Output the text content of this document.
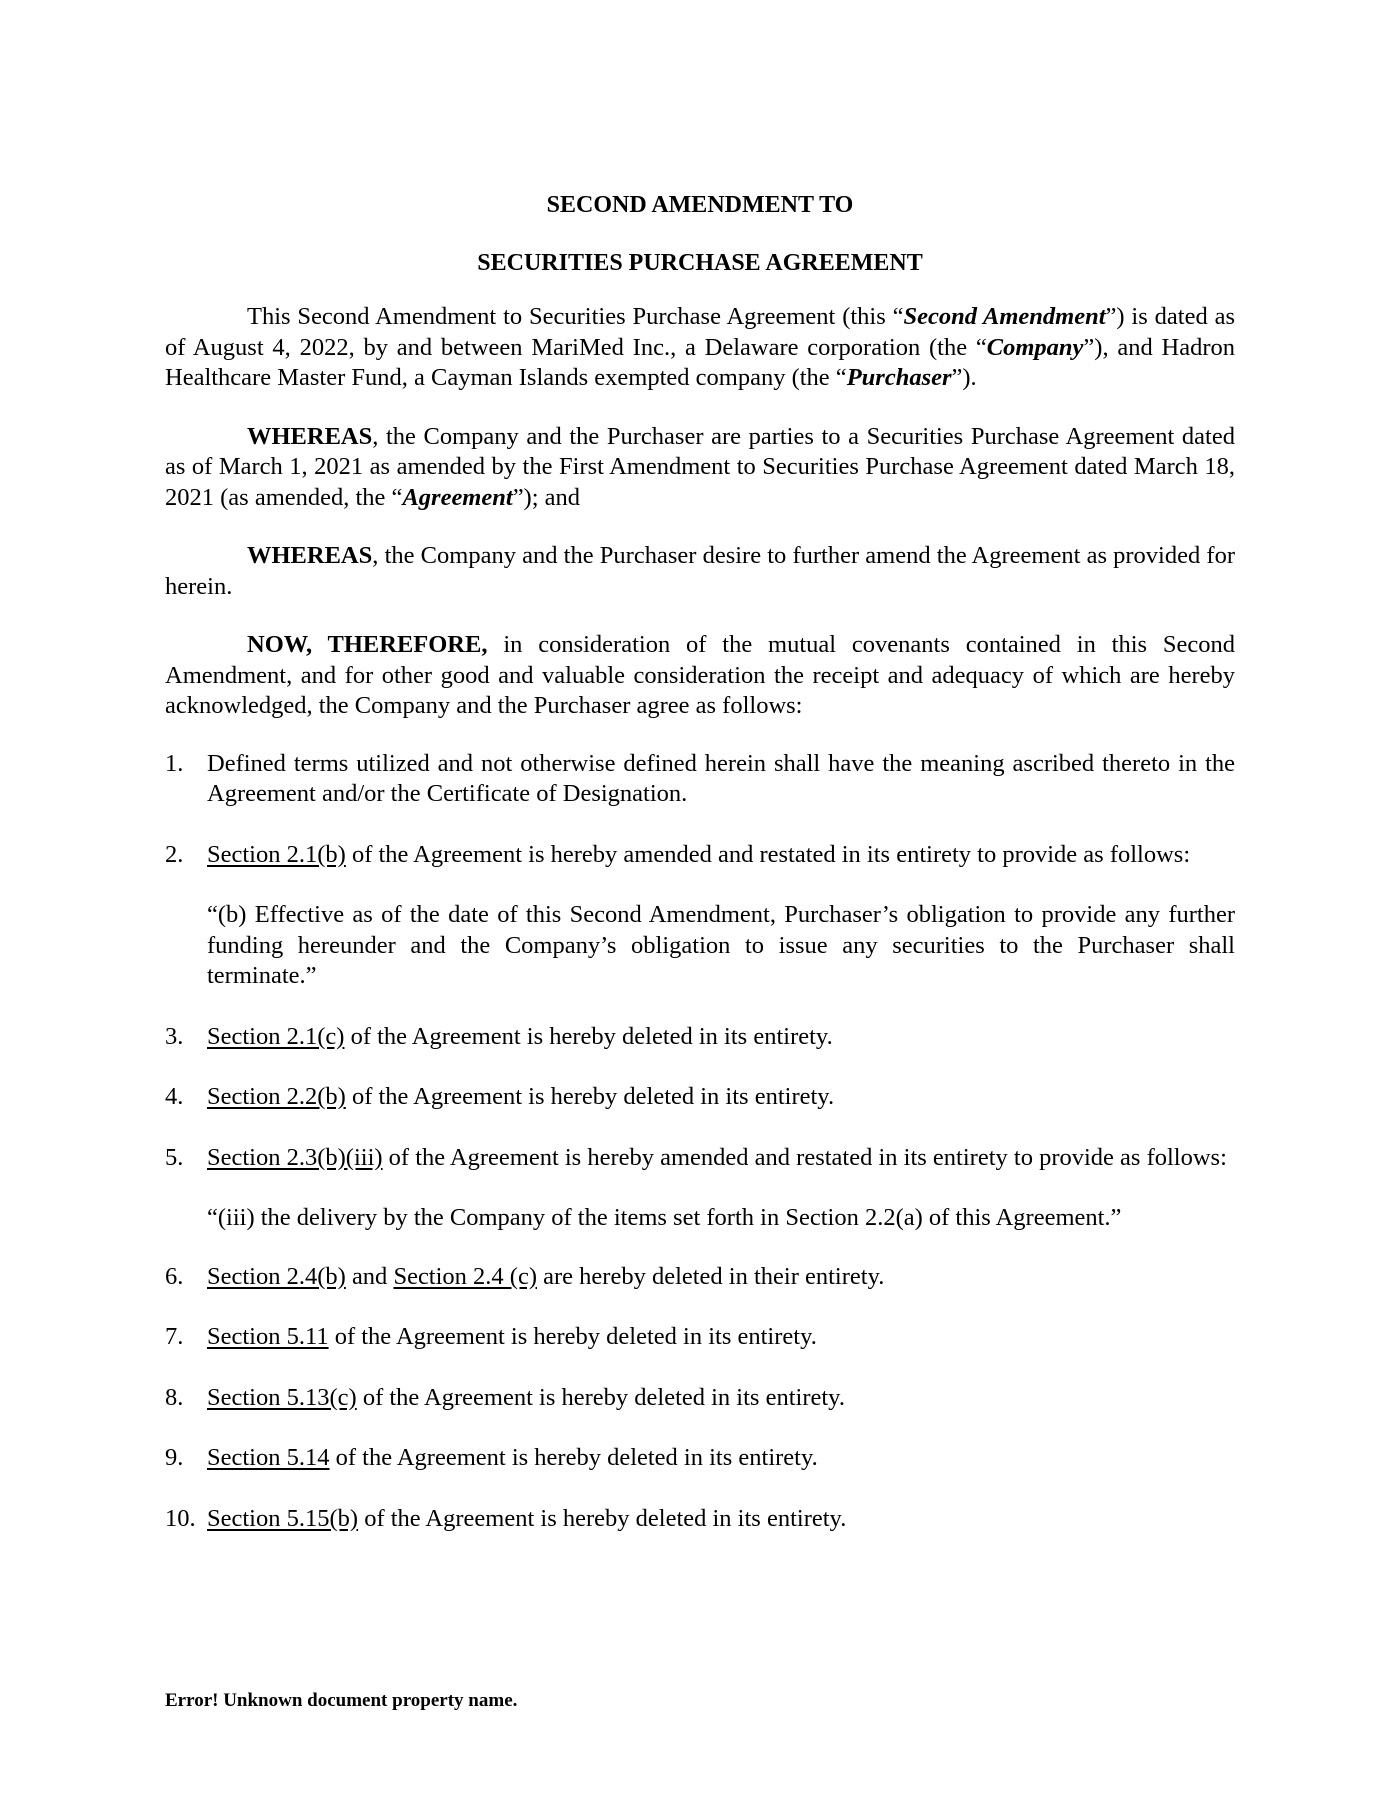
SECOND AMENDMENT TO

SECURITIES PURCHASE AGREEMENT

This Second Amendment to Securities Purchase Agreement (this “Second Amendment”) is dated as of August 4, 2022, by and between MariMed Inc., a Delaware corporation (the “Company”), and Hadron Healthcare Master Fund, a Cayman Islands exempted company (the “Purchaser”).

WHEREAS, the Company and the Purchaser are parties to a Securities Purchase Agreement dated as of March 1, 2021 as amended by the First Amendment to Securities Purchase Agreement dated March 18, 2021 (as amended, the “Agreement”); and

WHEREAS, the Company and the Purchaser desire to further amend the Agreement as provided for herein.

NOW, THEREFORE, in consideration of the mutual covenants contained in this Second Amendment, and for other good and valuable consideration the receipt and adequacy of which are hereby acknowledged, the Company and the Purchaser agree as follows:

1. Defined terms utilized and not otherwise defined herein shall have the meaning ascribed thereto in the Agreement and/or the Certificate of Designation.
2. Section 2.1(b) of the Agreement is hereby amended and restated in its entirety to provide as follows:
“(b) Effective as of the date of this Second Amendment, Purchaser’s obligation to provide any further funding hereunder and the Company’s obligation to issue any securities to the Purchaser shall terminate.”
3. Section 2.1(c) of the Agreement is hereby deleted in its entirety.
4. Section 2.2(b) of the Agreement is hereby deleted in its entirety.
5. Section 2.3(b)(iii) of the Agreement is hereby amended and restated in its entirety to provide as follows:
“(iii) the delivery by the Company of the items set forth in Section 2.2(a) of this Agreement.”
6. Section 2.4(b) and Section 2.4 (c) are hereby deleted in their entirety.
7. Section 5.11 of the Agreement is hereby deleted in its entirety.
8. Section 5.13(c) of the Agreement is hereby deleted in its entirety.
9. Section 5.14 of the Agreement is hereby deleted in its entirety.
10. Section 5.15(b) of the Agreement is hereby deleted in its entirety.
Error! Unknown document property name.
